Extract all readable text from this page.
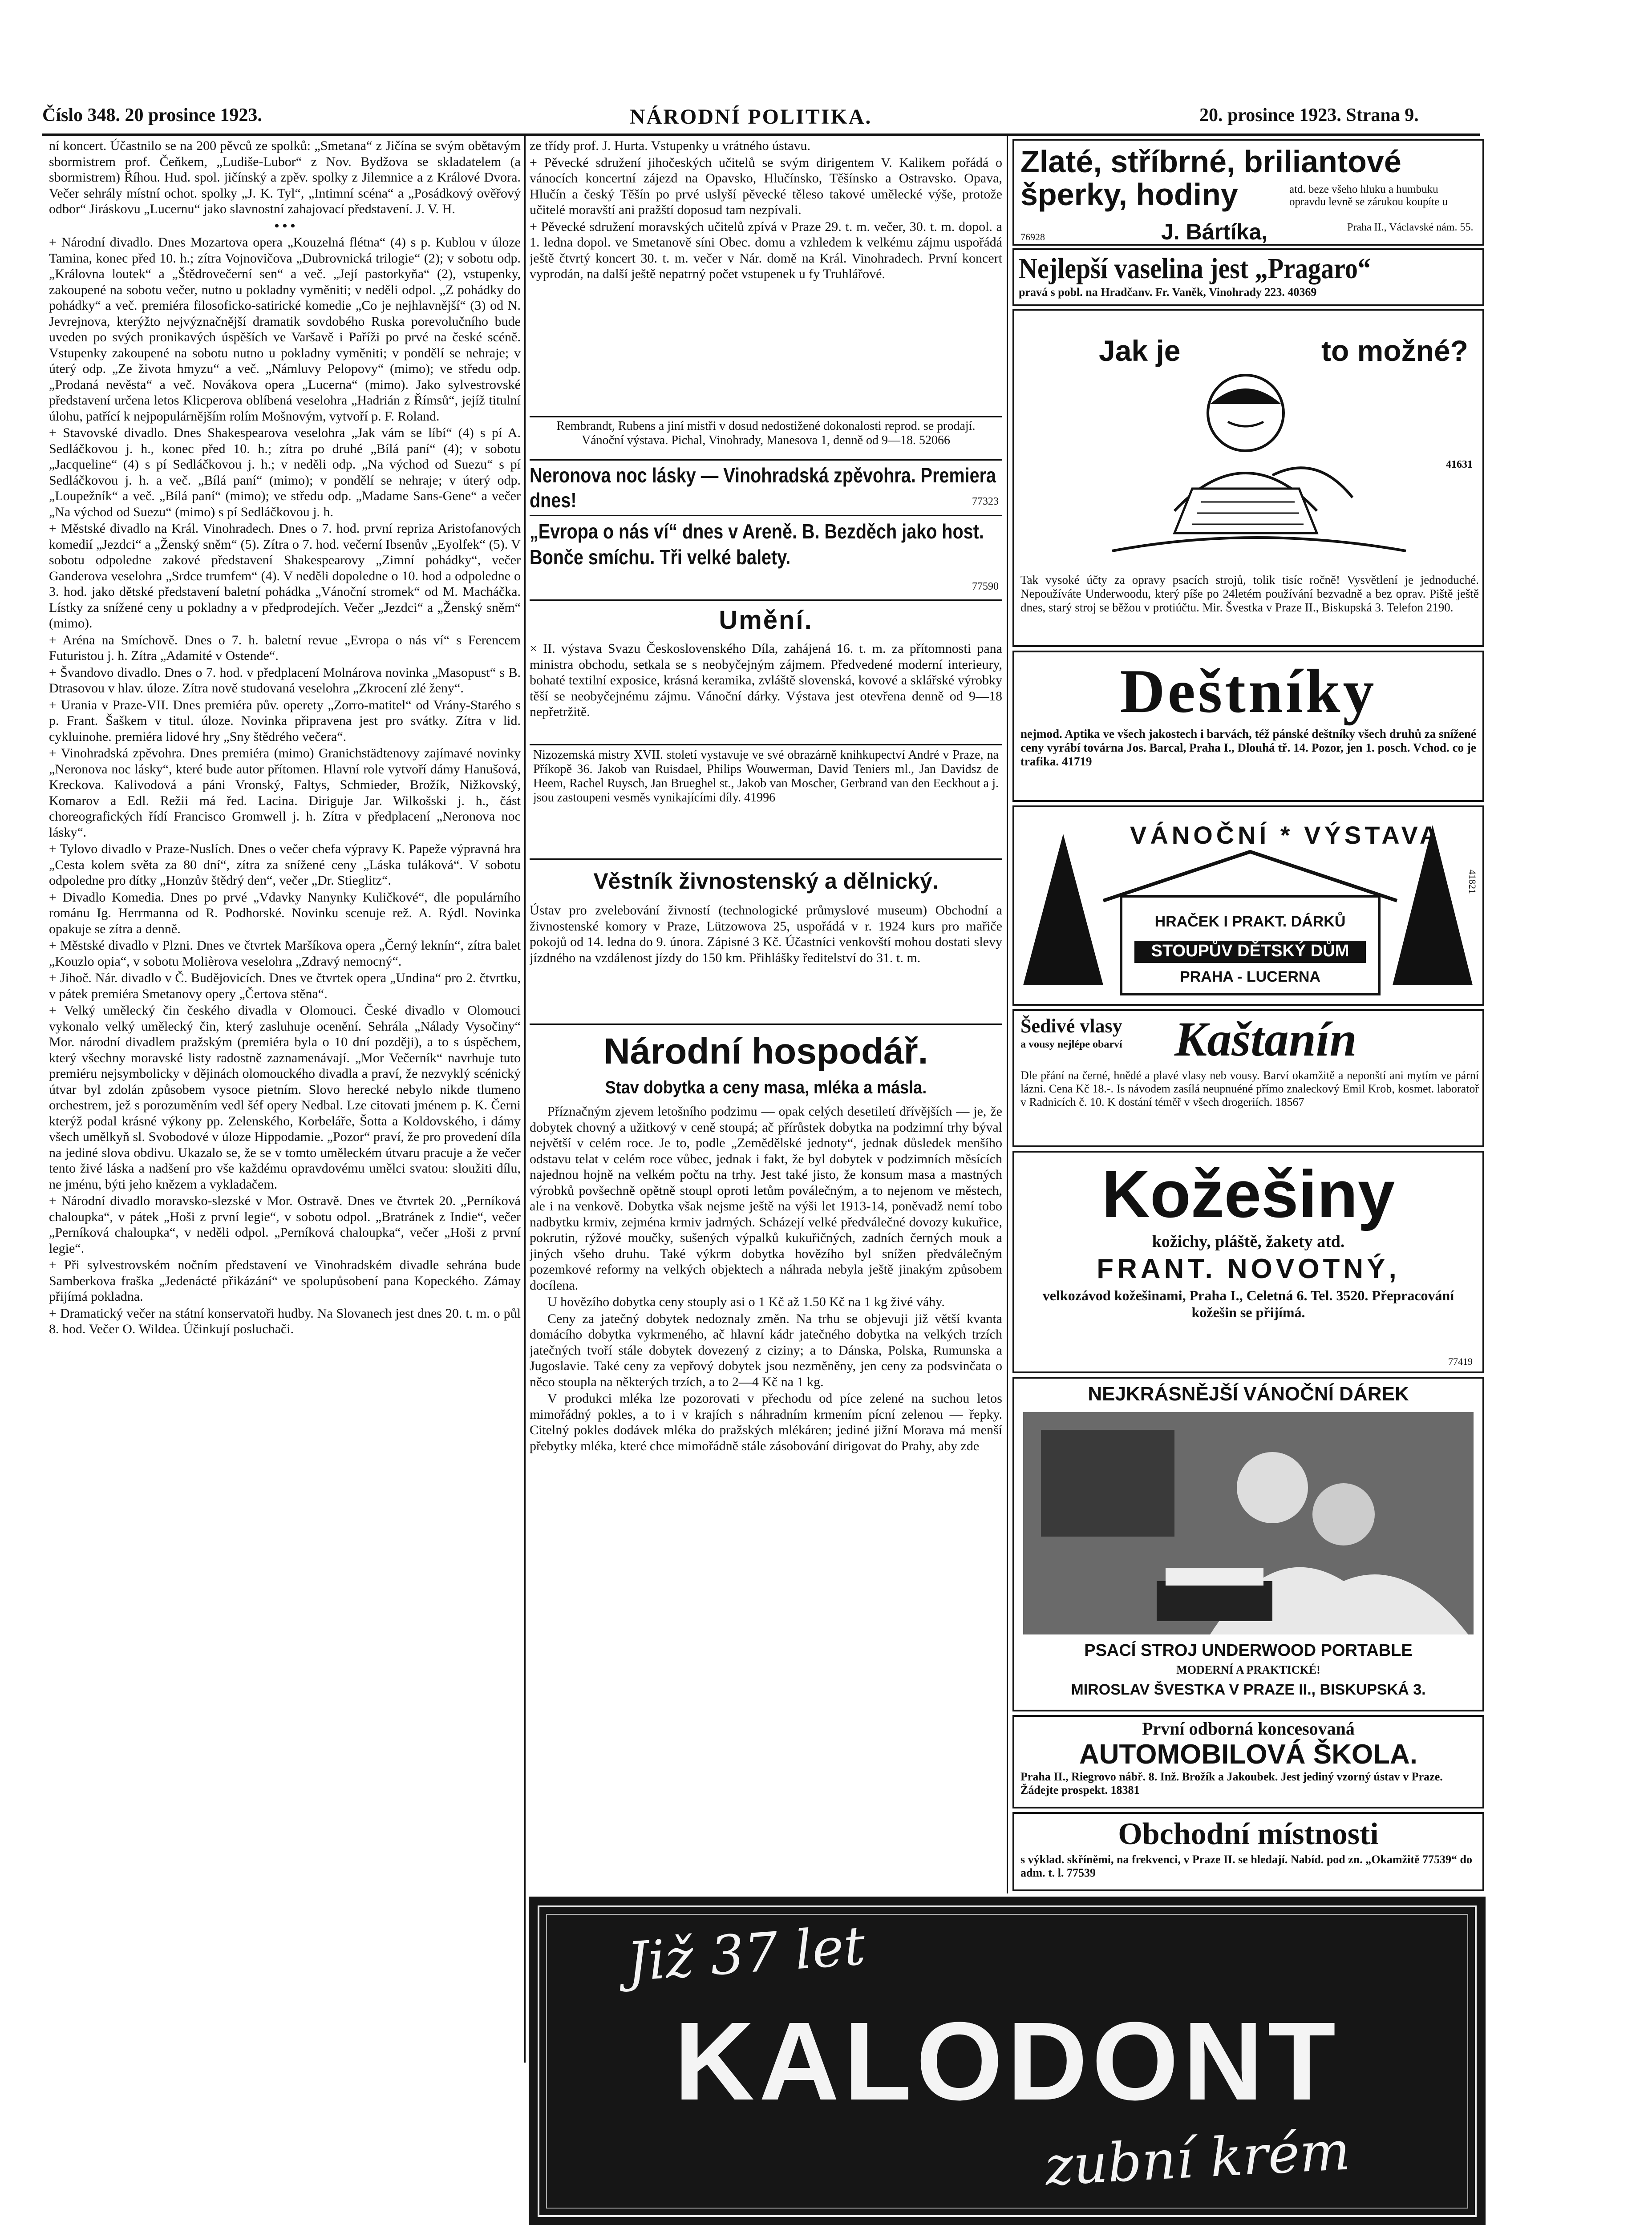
Číslo 348. 20 prosince 1923.	NÁRODNÍ POLITIKA.	20. prosince 1923. Strana 9.

ní koncert. Účastnilo se na 200 pěvců ze spolků: „Smetana“ z Jičína se svým obětavým sbormistrem prof. Čeňkem, „Ludiše-Lubor“ z Nov. Bydžova se skladatelem (a sbormistrem) Říhou. Hud. spol. jičínský a zpěv. spolky z Jilemnice a z Králové Dvora. Večer sehrály místní ochot. spolky „J. K. Tyl“, „Intimní scéna“ a „Posádkový ověřový odbor“ Jiráskovu „Lucernu“ jako slavnostní zahajovací představení. J. V. H.

• • •

+ Národní divadlo. Dnes Mozartova opera „Kouzelná flétna“ (4) s p. Kublou v úloze Tamina, konec před 10. h.; zítra Vojnovičova „Dubrovnická trilogie“ (2); v sobotu odp. „Královna loutek“ a „Štědrovečerní sen“ a več. „Její pastorkyňa“ (2), vstupenky, zakoupené na sobotu večer, nutno u pokladny vyměniti; v neděli odpol. „Z pohádky do pohádky“ a več. premiéra filosoficko-satirické komedie „Co je nejhlavnější“ (3) od N. Jevrejnova, kterýžto nejvýznačnější dramatik sovdobého Ruska porevolučního bude uveden po svých pronikavých úspěších ve Varšavě i Paříži po prvé na české scéně. Vstupenky zakoupené na sobotu nutno u pokladny vyměniti; v pondělí se nehraje; v úterý odp. „Ze života hmyzu“ a več. „Námluvy Pelopovy“ (mimo); ve středu odp. „Prodaná nevěsta“ a več. Novákova opera „Lucerna“ (mimo). Jako sylvestrovské představení určena letos Klicperova oblíbená veselohra „Hadrián z Římsů“, jejíž titulní úlohu, patřící k nejpopulárnějším rolím Mošnovým, vytvoří p. F. Roland.

+ Stavovské divadlo. Dnes Shakespearova veselohra „Jak vám se líbí“ (4) s pí A. Sedláčkovou j. h., konec před 10. h.; zítra po druhé „Bílá paní“ (4); v sobotu „Jacqueline“ (4) s pí Sedláčkovou j. h.; v neděli odp. „Na východ od Suezu“ s pí Sedláčkovou j. h. a več. „Bílá paní“ (mimo); v pondělí se nehraje; v úterý odp. „Loupežník“ a več. „Bílá paní“ (mimo); ve středu odp. „Madame Sans-Gene“ a večer „Na východ od Suezu“ (mimo) s pí Sedláčkovou j. h.

+ Městské divadlo na Král. Vinohradech. Dnes o 7. hod. první repriza Aristofanových komedií „Jezdci“ a „Ženský sněm“ (5). Zítra o 7. hod. večerní Ibsenův „Eyolfek“ (5). V sobotu odpoledne zakové představení Shakespearovy „Zimní pohádky“, večer Ganderova veselohra „Srdce trumfem“ (4). V neděli dopoledne o 10. hod a odpoledne o 3. hod. jako dětské představení baletní pohádka „Vánoční stromek“ od M. Macháčka. Lístky za snížené ceny u pokladny a v předprodejích. Večer „Jezdci“ a „Ženský sněm“ (mimo).

+ Aréna na Smíchově. Dnes o 7. h. baletní revue „Evropa o nás ví“ s Ferencem Futuristou j. h. Zítra „Adamité v Ostende“.

+ Švandovo divadlo. Dnes o 7. hod. v předplacení Molnárova novinka „Masopust“ s B. Dtrasovou v hlav. úloze. Zítra nově studovaná veselohra „Zkrocení zlé ženy“.

+ Urania v Praze-VII. Dnes premiéra pův. operety „Zorro-matitel“ od Vrány-Starého s p. Frant. Šaškem v titul. úloze. Novinka připravena jest pro svátky. Zítra v lid. cykluinohe. premiéra lidové hry „Sny štědrého večera“.

+ Vinohradská zpěvohra. Dnes premiéra (mimo) Granichstädtenovy zajímavé novinky „Neronova noc lásky“, které bude autor přítomen. Hlavní role vytvoří dámy Hanušová, Kreckova. Kalivodová a páni Vronský, Faltys, Schmieder, Brožík, Nižkovský, Komarov a Edl. Režii má řed. Lacina. Diriguje Jar. Wilkošski j. h., část choreografických řídí Francisco Gromwell j. h. Zítra v předplacení „Neronova noc lásky“.

+ Tylovo divadlo v Praze-Nuslích. Dnes o večer chefa výpravy K. Papeže výpravná hra „Cesta kolem světa za 80 dní“, zítra za snížené ceny „Láska tuláková“. V sobotu odpoledne pro dítky „Honzův štědrý den“, večer „Dr. Stieglitz“.

+ Divadlo Komedia. Dnes po prvé „Vdavky Nanynky Kuličkové“, dle populárního románu Ig. Herrmanna od R. Podhorské. Novinku scenuje rež. A. Rýdl. Novinka opakuje se zítra a denně.

+ Městské divadlo v Plzni. Dnes ve čtvrtek Maršíkova opera „Černý leknín“, zítra balet „Kouzlo opia“, v sobotu Molièrova veselohra „Zdravý nemocný“.

+ Jihoč. Nár. divadlo v Č. Budějovicích. Dnes ve čtvrtek opera „Undina“ pro 2. čtvrtku, v pátek premiéra Smetanovy opery „Čertova stěna“.

+ Velký umělecký čin českého divadla v Olomouci. České divadlo v Olomouci vykonalo velký umělecký čin, který zasluhuje ocenění. Sehrála „Nálady Vysočiny“ Mor. národní divadlem pražským (premiéra byla o 10 dní později), a to s úspěchem, který všechny moravské listy radostně zaznamenávají. „Mor Večerník“ navrhuje tuto premiéru nejsymbolicky v dějinách olomouckého divadla a praví, že nezvyklý scénický útvar byl zdolán způsobem vysoce pietním. Slovo herecké nebylo nikde tlumeno orchestrem, jež s porozuměním vedl šéf opery Nedbal. Lze citovati jménem p. K. Černi kterýž podal krásné výkony pp. Zelenského, Korbeláře, Šotta a Koldovského, i dámy všech umělkyň sl. Svobodové v úloze Hippodamie. „Pozor“ praví, že pro provedení díla na jediné slova obdivu. Ukazalo se, že se v tomto uměleckém útvaru pracuje a že večer tento živé láska a nadšení pro vše každému opravdovému umělci svatou: sloužiti dílu, ne jménu, býti jeho knězem a vykladačem.

+ Národní divadlo moravsko-slezské v Mor. Ostravě. Dnes ve čtvrtek 20. „Perníková chaloupka“, v pátek „Hoši z první legie“, v sobotu odpol. „Bratránek z Indie“, večer „Perníková chaloupka“, v neděli odpol. „Perníková chaloupka“, večer „Hoši z první legie“.

+ Při sylvestrovském nočním představení ve Vinohradském divadle sehrána bude Samberkova fraška „Jedenácté přikázání“ ve spolupůsobení pana Kopeckého. Zámay přijímá pokladna.

+ Dramatický večer na státní konservatoři hudby. Na Slovanech jest dnes 20. t. m. o půl 8. hod. Večer O. Wildea. Účinkují posluchači.

ze třídy prof. J. Hurta. Vstupenky u vrátného ústavu.

+ Pěvecké sdružení jihočeských učitelů se svým dirigentem V. Kalikem pořádá o vánocích koncertní zájezd na Opavsko, Hlučínsko, Těšínsko a Ostravsko. Opava, Hlučín a český Těšín po prvé uslyší pěvecké těleso takové umělecké výše, protože učitelé moravští ani pražští doposud tam nezpívali.

+ Pěvecké sdružení moravských učitelů zpívá v Praze 29. t. m. večer, 30. t. m. dopol. a 1. ledna dopol. ve Smetanově síni Obec. domu a vzhledem k velkému zájmu uspořádá ještě čtvrtý koncert 30. t. m. večer v Nár. domě na Král. Vinohradech. První koncert vyprodán, na další ještě nepatrný počet vstupenek u fy Truhlářové.

Rembrandt, Rubens a jiní mistři v dosud nedostižené dokonalosti reprod. se prodají. Vánoční výstava. Pichal, Vinohrady, Manesova 1, denně od 9—18. 52066
Neronova noc lásky — Vinohradská zpěvohra. Premiera dnes!	77323
„Evropa o nás ví“ dnes v Areně. B. Bezděch jako host. Bonče smíchu. Tři velké balety.
77590
Umění.

× II. výstava Svazu Československého Díla, zahájená 16. t. m. za přítomnosti pana ministra obchodu, setkala se s neobyčejným zájmem. Předvedené moderní interieury, bohaté textilní exposice, krásná keramika, zvláště slovenská, kovové a sklářské výrobky těší se neobyčejnému zájmu. Vánoční dárky. Výstava jest otevřena denně od 9—18 nepřetržitě.

Nizozemská mistry XVII. století vystavuje ve své obrazárně knihkupectví André v Praze, na Příkopě 36. Jakob van Ruisdael, Philips Wouwerman, David Teniers ml., Jan Davidsz de Heem, Rachel Ruysch, Jan Brueghel st., Jakob van Moscher, Gerbrand van den Eeckhout a j. jsou zastoupeni vesměs vynikajícími díly. 41996
Věstník živnostenský a dělnický.

Ústav pro zvelebování živností (technologické průmyslové museum) Obchodní a živnostenské komory v Praze, Lützowova 25, uspořádá v r. 1924 kurs pro mařiče pokojů od 14. ledna do 9. února. Zápisné 3 Kč. Účastníci venkovští mohou dostati slevy jízdného na vzdálenost jízdy do 150 km. Přihlášky ředitelství do 31. t. m.

Národní hospodář.
Stav dobytka a ceny masa, mléka a másla.

Příznačným zjevem letošního podzimu — opak celých desetiletí dřívějších — je, že dobytek chovný a užitkový v ceně stoupá; ač přírůstek dobytka na podzimní trhy býval největší v celém roce. Je to, podle „Zemědělské jednoty“, jednak důsledek menšího odstavu telat v celém roce vůbec, jednak i fakt, že byl dobytek v podzimních měsících najednou hojně na velkém počtu na trhy. Jest také jisto, že konsum masa a mastných výrobků povšechně opětně stoupl oproti letům poválečným, a to nejenom ve městech, ale i na venkově. Dobytka však nejsme ještě na výši let 1913-14, poněvadž nemí tobo nadbytku krmiv, zejména krmiv jadrných. Scházejí velké předválečné dovozy kukuřice, pokrutin, rýžové moučky, sušených výpalků kukuřičných, zadních černých mouk a jiných všeho druhu. Také výkrm dobytka hovězího byl snížen předválečným pozemkové reformy na velkých objektech a náhrada nebyla ještě jinakým způsobem docílena.

U hovězího dobytka ceny stouply asi o 1 Kč až 1.50 Kč na 1 kg živé váhy.

Ceny za jatečný dobytek nedoznaly změn. Na trhu se objevuji již větší kvanta domácího dobytka vykrmeného, ač hlavní kádr jatečného dobytka na velkých trzích jatečných tvoří stále dobytek dovezený z ciziny; a to Dánska, Polska, Rumunska a Jugoslavie. Také ceny za vepřový dobytek jsou nezměněny, jen ceny za podsvinčata o něco stoupla na některých trzích, a to 2—4 Kč na 1 kg.

V produkci mléka lze pozorovati v přechodu od píce zelené na suchou letos mimořádný pokles, a to i v krajích s náhradním krmením pícní zelenou — řepky. Citelný pokles dodávek mléka do pražských mlékáren; jediné jižní Morava má menší přebytky mléka, které chce mimořádně stále zásobování dirigovat do Prahy, aby zde

Zlaté, stříbrné, briliantové šperky, hodiny	atd. beze všeho hluku a humbuku opravdu levně se zárukou koupíte u
J. Bártíka,	Praha II., Václavské nám. 55.
76928
Nejlepší vaselina jest „Pragaro“
pravá s pobl. na Hradčanv. Fr. Vaněk, Vinohrady 223. 40369
Jak je	to možné?
41631
Tak vysoké účty za opravy psacích strojů, tolik tisíc ročně! Vysvětlení je jednoduché. Nepoužíváte Underwoodu, který píše po 24letém používání bezvadně a bez oprav. Piště ještě dnes, starý stroj se běžou v protiúčtu. Mir. Švestka v Praze II., Biskupská 3. Telefon 2190.
Deštníky
nejmod. Aptika ve všech jakostech i barvách, též pánské deštníky všech druhů za snížené ceny vyrábí továrna Jos. Barcal, Praha I., Dlouhá tř. 14. Pozor, jen 1. posch. Vchod. co je trafika. 41719
VÁNOČNÍ * VÝSTAVA
HRAČEK I PRAKT. DÁRKŮ
STOUPŮV DĚTSKÝ DŮM
PRAHA - LUCERNA
41821
Šedivé vlasy
a vousy nejlépe obarví	Kaštanín
Dle přání na černé, hnědé a plavé vlasy neb vousy. Barví okamžitě a neponští ani mytím ve pární lázni. Cena Kč 18.-. Is návodem zasílá neupnuéné přímo znaleckový Emil Krob, kosmet. laboratoř v Radnicích č. 10. K dostání téměř v všech drogeriích. 18567
Kožešiny
kožichy, pláště, žakety atd.
FRANT. NOVOTNÝ,
velkozávod kožešinami, Praha I., Celetná 6. Tel. 3520. Přepracování kožešin se přijímá.
77419
NEJKRÁSNĚJŠÍ VÁNOČNÍ DÁREK
PSACÍ STROJ UNDERWOOD PORTABLE
MODERNÍ A PRAKTICKÉ!
MIROSLAV ŠVESTKA V PRAZE II., BISKUPSKÁ 3.
První odborná koncesovaná
AUTOMOBILOVÁ ŠKOLA.
Praha II., Riegrovo nábř. 8. Inž. Brožík a Jakoubek. Jest jediný vzorný ústav v Praze. Žádejte prospekt. 18381
Obchodní místnosti
s výklad. skříněmi, na frekvenci, v Praze II. se hledají. Nabíd. pod zn. „Okamžitě 77539“ do adm. t. l. 77539
Již 37 let
KALODONT
zubní krém
